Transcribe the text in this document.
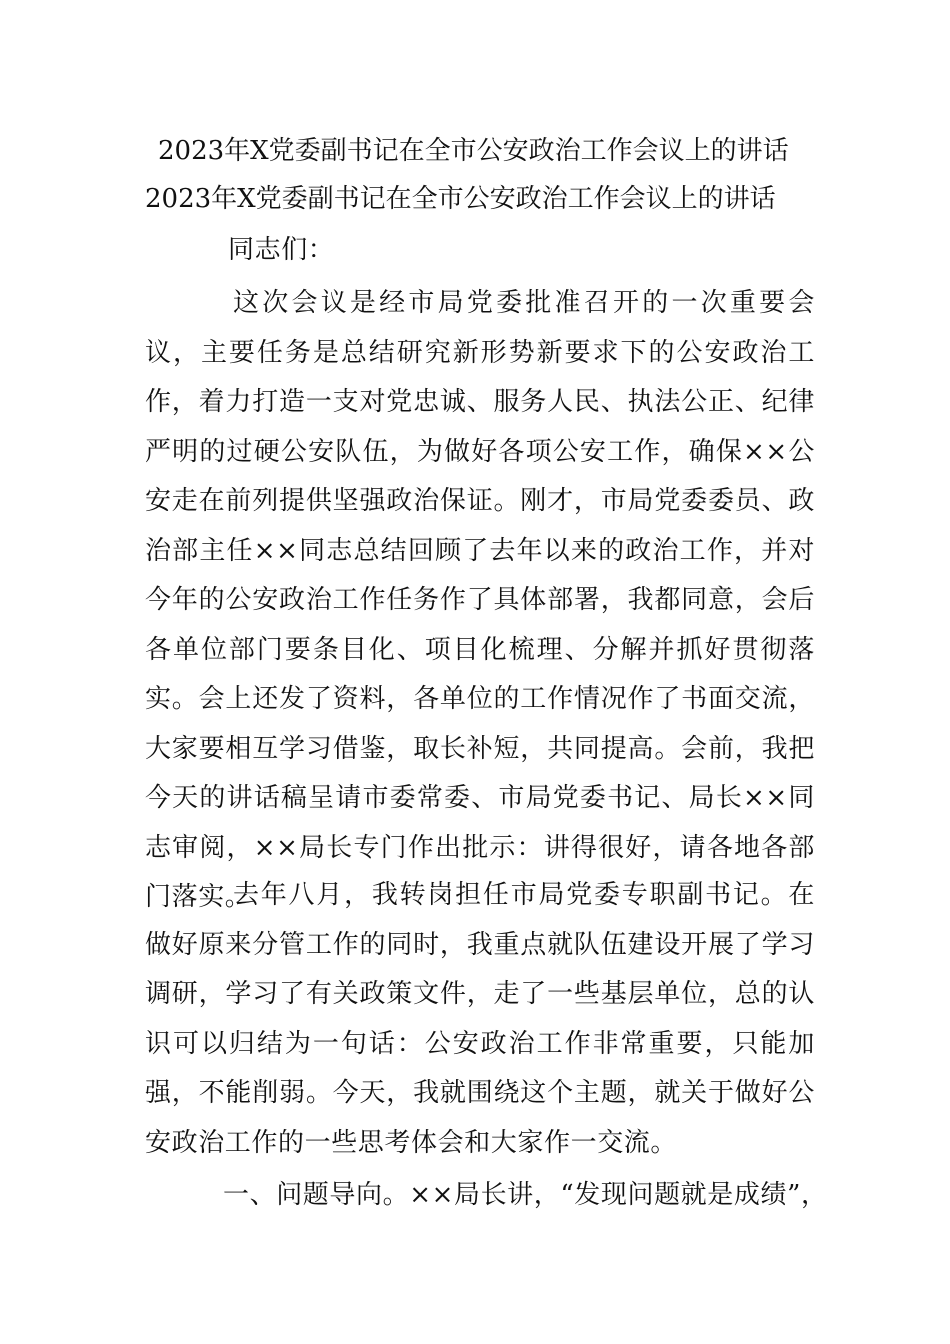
2023年X党委副书记在全市公安政治工作会议上的讲话
2023年X党委副书记在全市公安政治工作会议上的讲话

同志们：

这次会议是经市局党委批准召开的一次重要会议，主要任务是总结研究新形势新要求下的公安政治工作，着力打造一支对党忠诚、服务人民、执法公正、纪律严明的过硬公安队伍，为做好各项公安工作，确保××公安走在前列提供坚强政治保证。刚才，市局党委委员、政治部主任××同志总结回顾了去年以来的政治工作，并对今年的公安政治工作任务作了具体部署，我都同意，会后各单位部门要条目化、项目化梳理、分解并抓好贯彻落实。会上还发了资料，各单位的工作情况作了书面交流，大家要相互学习借鉴，取长补短，共同提高。会前，我把今天的讲话稿呈请市委常委、市局党委书记、局长××同志审阅，××局长专门作出批示：讲得很好，请各地各部门落实。

去年八月，我转岗担任市局党委专职副书记。在做好原来分管工作的同时，我重点就队伍建设开展了学习调研，学习了有关政策文件，走了一些基层单位，总的认识可以归结为一句话：公安政治工作非常重要，只能加强，不能削弱。今天，我就围绕这个主题，就关于做好公安政治工作的一些思考体会和大家作一交流。

一、问题导向。××局长讲，“发现问题就是成绩”，
